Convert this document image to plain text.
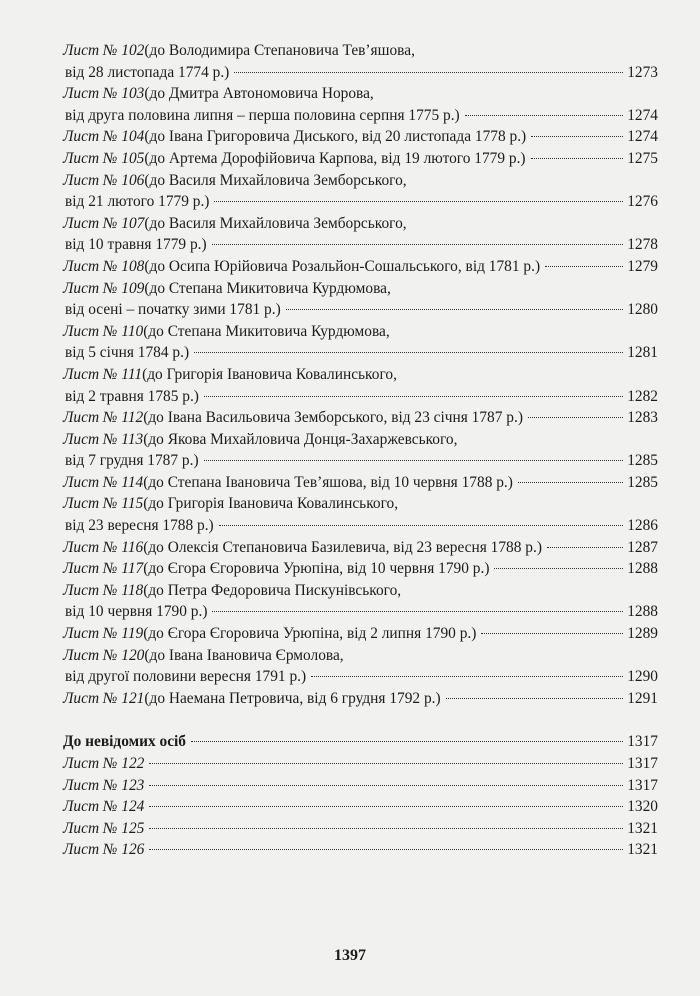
Лист № 102 (до Володимира Степановича Тев’яшова,
від 28 листопада 1774 р.)	1273
Лист № 103 (до Дмитра Автономовича Норова,
від друга половина липня – перша половина серпня 1775 р.)	1274
Лист № 104 (до Івана Григоровича Диського, від 20 листопада 1778 р.)	1274
Лист № 105 (до Артема Дорофійовича Карпова, від 19 лютого 1779 р.)	1275
Лист № 106 (до Василя Михайловича Земборського,
від 21 лютого 1779 р.)	1276
Лист № 107 (до Василя Михайловича Земборського,
від 10 травня 1779 р.)	1278
Лист № 108 (до Осипа Юрійовича Розальйон-Сошальського, від 1781 р.)	1279
Лист № 109 (до Степана Микитовича Курдюмова,
від осені – початку зими 1781 р.)	1280
Лист № 110 (до Степана Микитовича Курдюмова,
від 5 січня 1784 р.)	1281
Лист № 111 (до Григорія Івановича Ковалинського,
від 2 травня 1785 р.)	1282
Лист № 112 (до Івана Васильовича Земборського, від 23 січня 1787 р.)	1283
Лист № 113 (до Якова Михайловича Донця-Захаржевського,
від 7 грудня 1787 р.)	1285
Лист № 114 (до Степана Івановича Тев’яшова, від 10 червня 1788 р.)	1285
Лист № 115 (до Григорія Івановича Ковалинського,
від 23 вересня 1788 р.)	1286
Лист № 116 (до Олексія Степановича Базилевича, від 23 вересня 1788 р.)	1287
Лист № 117 (до Єгора Єгоровича Урюпіна, від 10 червня 1790 р.)	1288
Лист № 118 (до Петра Федоровича Пискунівського,
від 10 червня 1790 р.)	1288
Лист № 119 (до Єгора Єгоровича Урюпіна, від 2 липня 1790 р.)	1289
Лист № 120 (до Івана Івановича Єрмолова,
від другої половини вересня 1791 р.)	1290
Лист № 121 (до Наемана Петровича, від 6 грудня 1792 р.)	1291
До невідомих осіб	1317
Лист № 122	1317
Лист № 123	1317
Лист № 124	1320
Лист № 125	1321
Лист № 126	1321
1397
